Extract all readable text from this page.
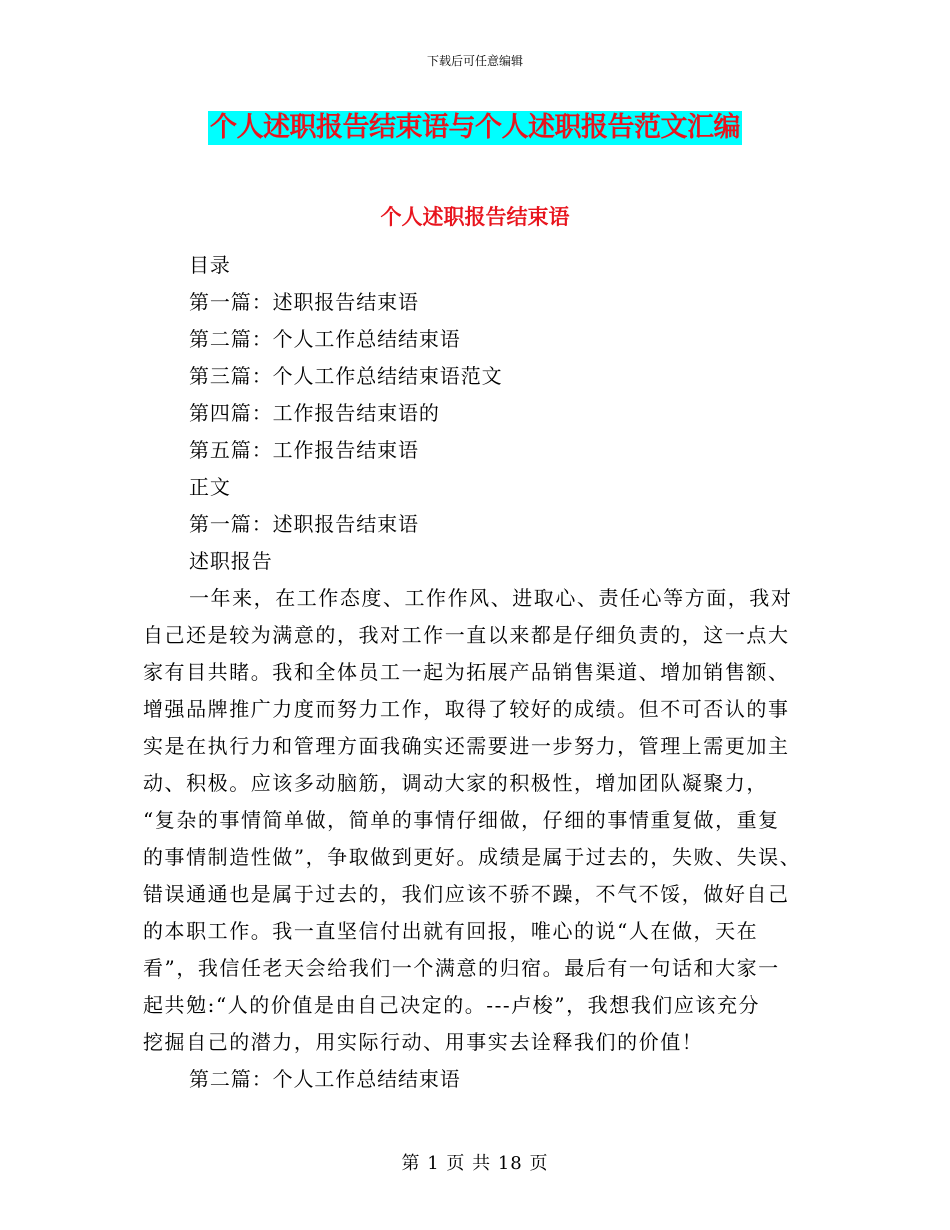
下载后可任意编辑
个人述职报告结束语与个人述职报告范文汇编
个人述职报告结束语
目录
第一篇：述职报告结束语
第二篇：个人工作总结结束语
第三篇：个人工作总结结束语范文
第四篇：工作报告结束语的
第五篇：工作报告结束语
正文
第一篇：述职报告结束语
述职报告
一年来，在工作态度、工作作风、进取心、责任心等方面，我对
自己还是较为满意的，我对工作一直以来都是仔细负责的，这一点大
家有目共睹。我和全体员工一起为拓展产品销售渠道、增加销售额、
增强品牌推广力度而努力工作，取得了较好的成绩。但不可否认的事
实是在执行力和管理方面我确实还需要进一步努力，管理上需更加主
动、积极。应该多动脑筋，调动大家的积极性，增加团队凝聚力，
“复杂的事情简单做，简单的事情仔细做，仔细的事情重复做，重复
的事情制造性做”，争取做到更好。成绩是属于过去的，失败、失误、
错误通通也是属于过去的，我们应该不骄不躁，不气不馁，做好自己
的本职工作。我一直坚信付出就有回报，唯心的说“人在做，天在
看”，我信任老天会给我们一个满意的归宿。最后有一句话和大家一
起共勉:“人的价值是由自己决定的。---卢梭”，我想我们应该充分
挖掘自己的潜力，用实际行动、用事实去诠释我们的价值！
第二篇：个人工作总结结束语
第 1 页 共 18 页
